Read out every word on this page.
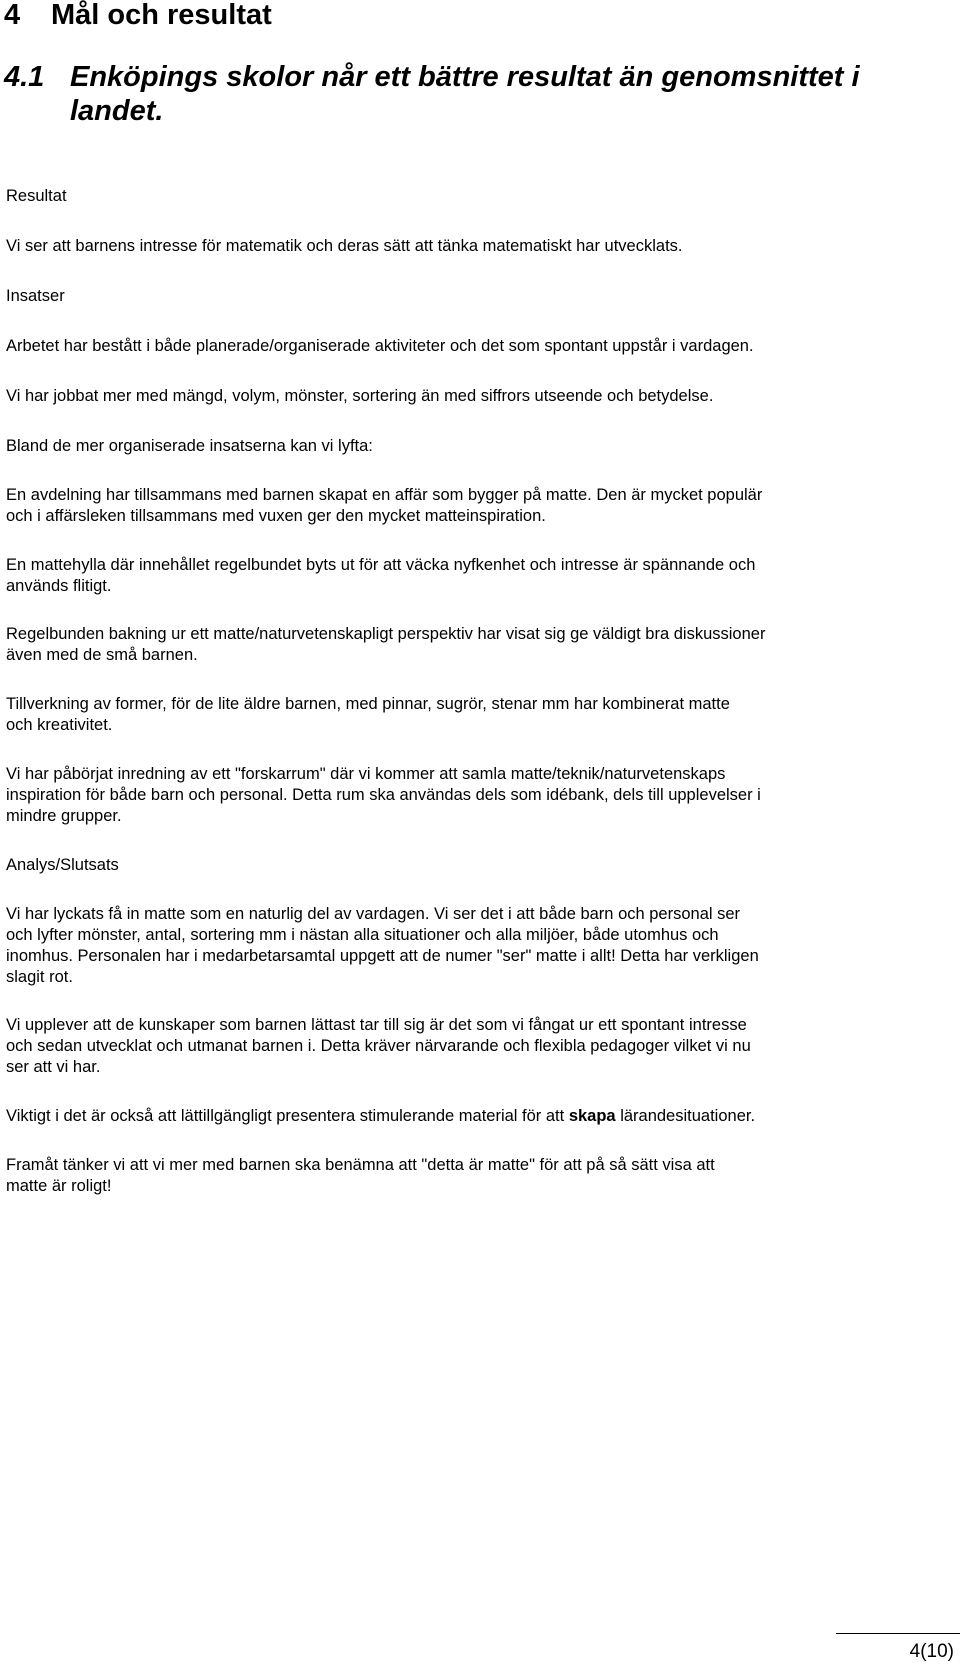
4 Mål och resultat
4.1 Enköpings skolor når ett bättre resultat än genomsnittet i landet.

Resultat

Vi ser att barnens intresse för matematik och deras sätt att tänka matematiskt har utvecklats.

Insatser

Arbetet har bestått i både planerade/organiserade aktiviteter och det som spontant uppstår i vardagen.

Vi har jobbat mer med mängd, volym, mönster, sortering än med siffrors utseende och betydelse.

Bland de mer organiserade insatserna kan vi lyfta:

En avdelning har tillsammans med barnen skapat en affär som bygger på matte. Den är mycket populär

och i affärsleken tillsammans med vuxen ger den mycket matteinspiration.

En mattehylla där innehållet regelbundet byts ut för att väcka nyfkenhet och intresse är spännande och

används flitigt.

Regelbunden bakning ur ett matte/naturvetenskapligt perspektiv har visat sig ge väldigt bra diskussioner

även med de små barnen.

Tillverkning av former, för de lite äldre barnen, med pinnar, sugrör, stenar mm har kombinerat matte

och kreativitet.

Vi har påbörjat inredning av ett "forskarrum" där vi kommer att samla matte/teknik/naturvetenskaps

inspiration för både barn och personal. Detta rum ska användas dels som idébank, dels till upplevelser i

mindre grupper.

Analys/Slutsats

Vi har lyckats få in matte som en naturlig del av vardagen. Vi ser det i att både barn och personal ser

och lyfter mönster, antal, sortering mm i nästan alla situationer och alla miljöer, både utomhus och

inomhus. Personalen har i medarbetarsamtal uppgett att de numer "ser" matte i allt! Detta har verkligen

slagit rot.

Vi upplever att de kunskaper som barnen lättast tar till sig är det som vi fångat ur ett spontant intresse

och sedan utvecklat och utmanat barnen i. Detta kräver närvarande och flexibla pedagoger vilket vi nu

ser att vi har.

Viktigt i det är också att lättillgängligt presentera stimulerande material för att skapa lärandesituationer.

Framåt tänker vi att vi mer med barnen ska benämna att "detta är matte" för att på så sätt visa att

matte är roligt!

4(10)
